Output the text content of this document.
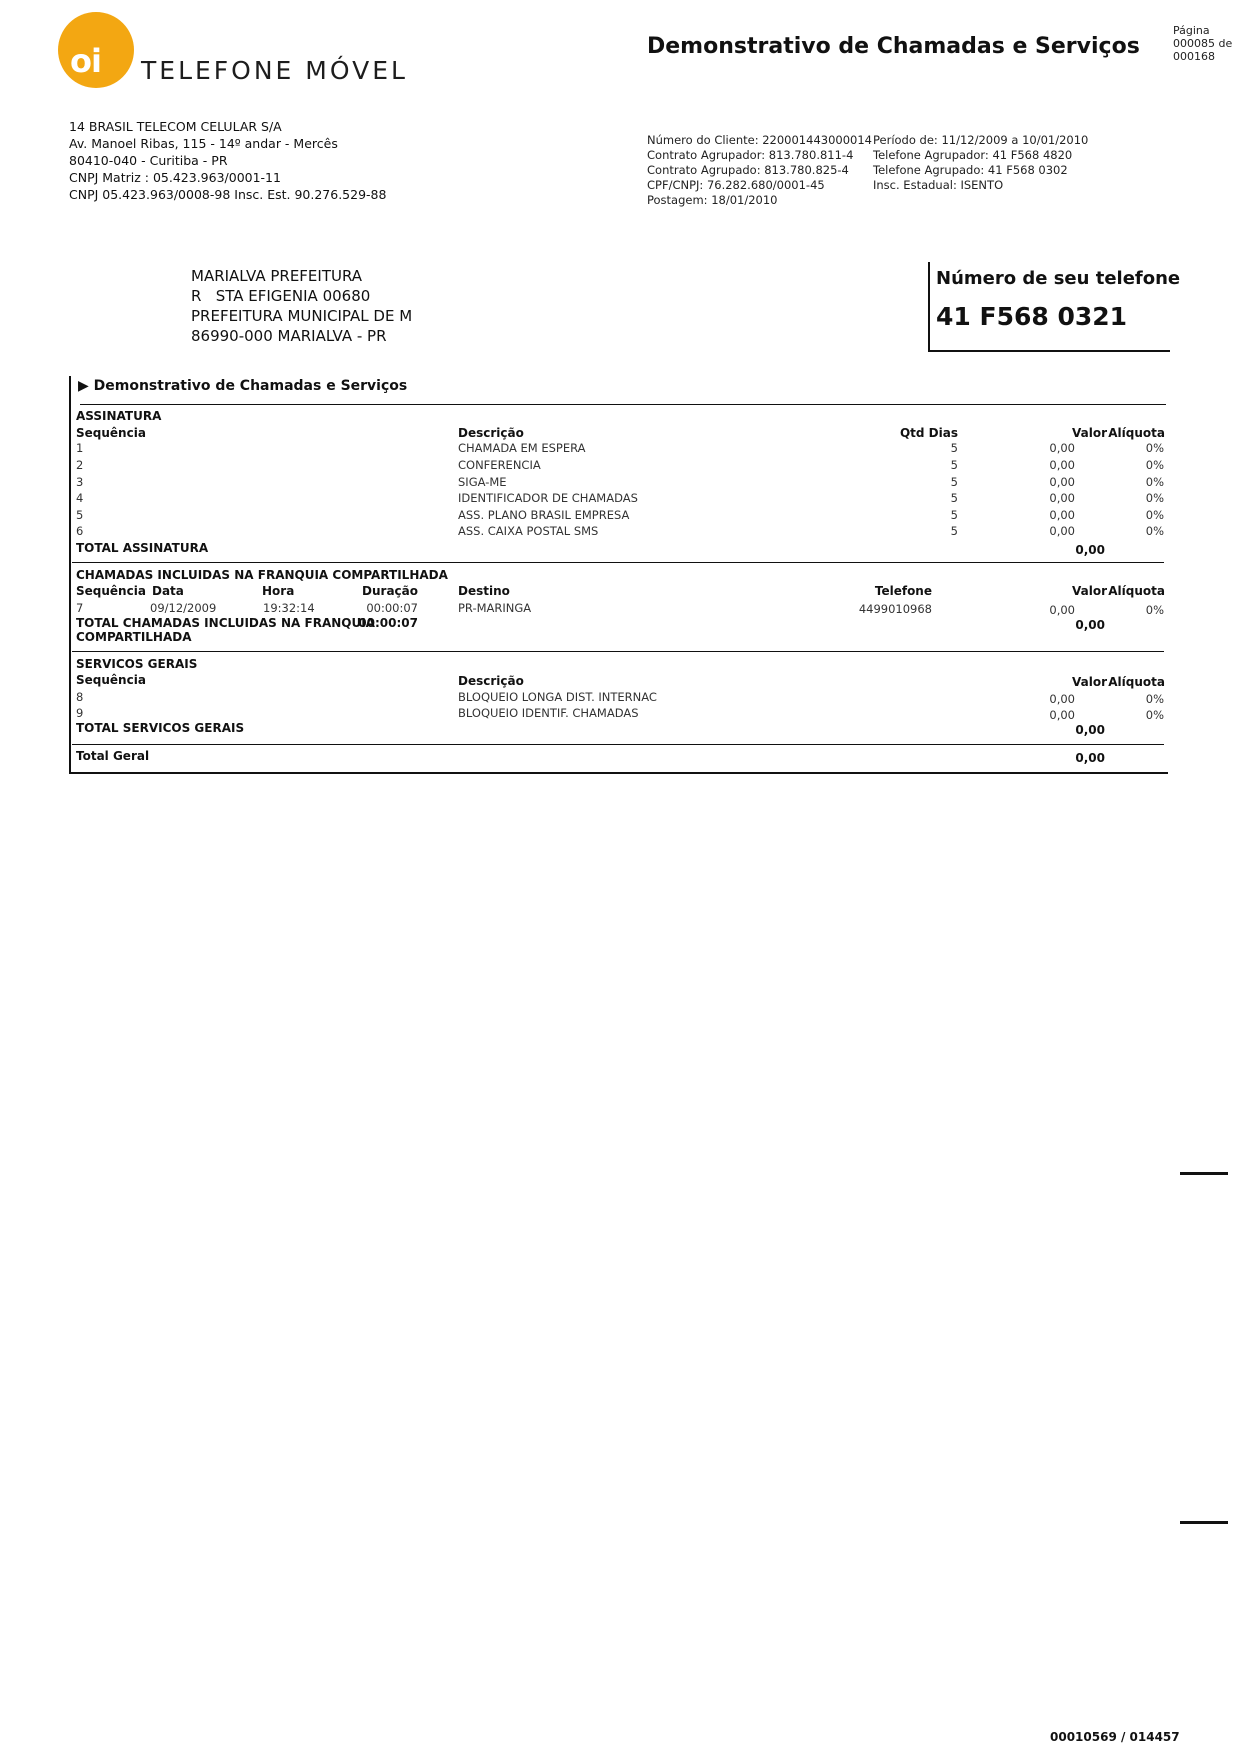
oi TELEFONE MÓVEL
Demonstrativo de Chamadas e Serviços
Página
000085 de
000168
14 BRASIL TELECOM CELULAR S/A
Av. Manoel Ribas, 115 - 14º andar - Mercês
80410-040 - Curitiba - PR
CNPJ Matriz : 05.423.963/0001-11
CNPJ 05.423.963/0008-98 Insc. Est. 90.276.529-88
Número do Cliente: 220001443000014
Contrato Agrupador: 813.780.811-4
Contrato Agrupado: 813.780.825-4
CPF/CNPJ: 76.282.680/0001-45
Postagem: 18/01/2010
Período de: 11/12/2009 a 10/01/2010
Telefone Agrupador: 41 F568 4820
Telefone Agrupado: 41 F568 0302
Insc. Estadual: ISENTO
MARIALVA PREFEITURA
R   STA EFIGENIA 00680
PREFEITURA MUNICIPAL DE M
86990-000 MARIALVA - PR
Número de seu telefone
41 F568 0321
▶ Demonstrativo de Chamadas e Serviços
ASSINATURA
Sequência	Descrição	Qtd Dias	Valor Alíquota
1	CHAMADA EM ESPERA	5	0,00	0%
2	CONFERENCIA	5	0,00	0%
3	SIGA-ME	5	0,00	0%
4	IDENTIFICADOR DE CHAMADAS	5	0,00	0%
5	ASS. PLANO BRASIL EMPRESA	5	0,00	0%
6	ASS. CAIXA POSTAL SMS	5	0,00	0%
TOTAL ASSINATURA	0,00
CHAMADAS INCLUIDAS NA FRANQUIA COMPARTILHADA
Sequência Data	Hora	Duração	Destino	Telefone	Valor Alíquota
7	09/12/2009	19:32:14	00:00:07	PR-MARINGA	4499010968	0,00	0%
TOTAL CHAMADAS INCLUIDAS NA FRANQUIA
COMPARTILHADA
00:00:07	0,00
SERVICOS GERAIS
Sequência	Descrição	Valor Alíquota
8	BLOQUEIO LONGA DIST. INTERNAC	0,00	0%
9	BLOQUEIO IDENTIF. CHAMADAS	0,00	0%
TOTAL SERVICOS GERAIS	0,00
Total Geral	0,00
00010569 / 014457
